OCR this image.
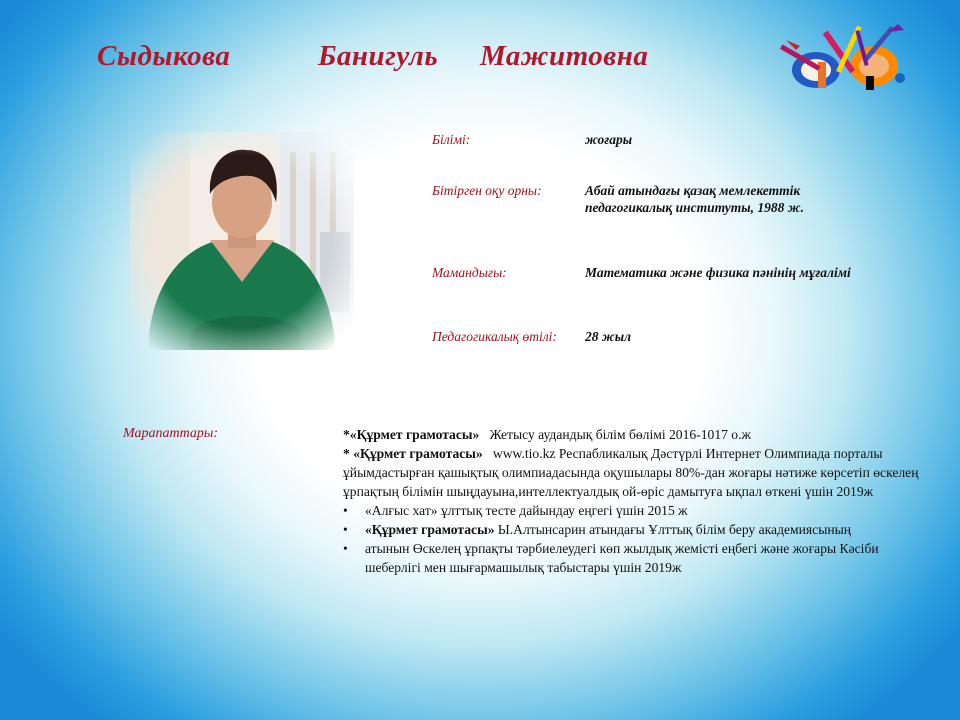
Сыдыкова	Банигуль Мажитовна
Білімі:	жоғары
Бітірген оқу орны:	Абай атындағы қазақ мемлекеттік педагогикалық институты, 1988 ж.
Мамандығы:	Математика және физика пәнінің мұғалімі
Педагогикалық өтілі:	28 жыл
Марапаттары:	*«Құрмет грамотасы» Жетысу аудандық білім бөлімі 2016-1017 о.ж

* «Құрмет грамотасы» www.tio.kz Респабликалық Дәстүрлі Интернет Олимпиада порталы ұйымдастырған қашықтық олимпиадасында оқушылары 80%-дан жоғары нәтиже көрсетіп өскелең ұрпақтың білімін шыңдауына,интеллектуалдық ой-өріс дамытуға ықпал өткені үшін 2019ж

•	«Алғыс хат» ұлттық тесте дайындау еңгегі үшін 2015 ж
•	«Құрмет грамотасы» Ы.Алтынсарин атындағы Ұлттық білім беру академиясының
•	атынын Өскелең ұрпақты тәрбиелеудегі көп жылдық жемісті еңбегі және жоғары Кәсіби шеберлігі мен шығармашылық табыстары үшін 2019ж
